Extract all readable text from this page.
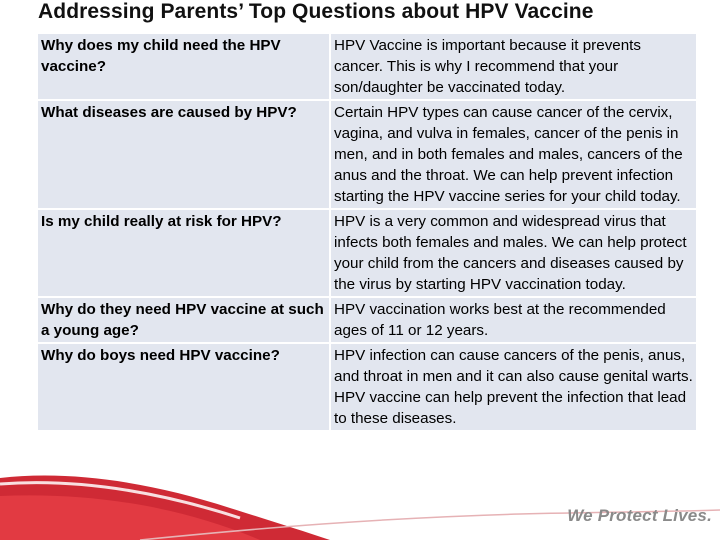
Addressing Parents’ Top Questions about HPV Vaccine
Why does my child need the HPV vaccine?	HPV Vaccine is important because it prevents cancer. This is why I recommend that your son/daughter be vaccinated today.
What diseases are caused by HPV?	Certain HPV types can cause cancer of the cervix, vagina, and vulva in females, cancer of the penis in men, and in both females and males, cancers of the anus and the throat. We can help prevent infection starting the HPV vaccine series for your child today.
Is my child really at risk for HPV?	HPV is a very common and widespread virus that infects both females and males. We can help protect your child from the cancers and diseases caused by the virus by starting HPV vaccination today.
Why do they need HPV vaccine at such a young age?	HPV vaccination works best at the recommended ages of 11 or 12 years.
Why do boys need HPV vaccine?	HPV infection can cause cancers of the penis, anus, and throat in men and it can also cause genital warts. HPV vaccine can help prevent the infection that lead to these diseases.
We Protect Lives.
